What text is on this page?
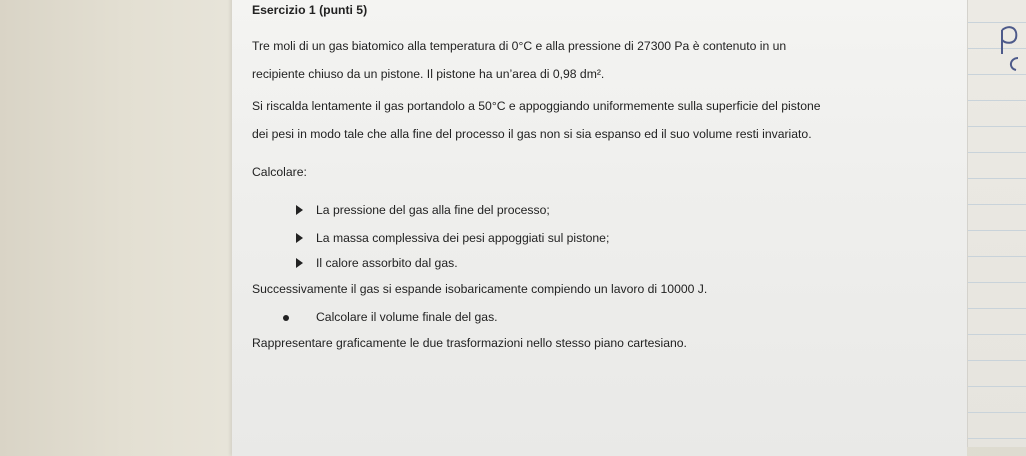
Esercizio 1 (punti 5)
Tre moli di un gas biatomico alla temperatura di 0°C e alla pressione di 27300 Pa è contenuto in un
recipiente chiuso da un pistone. Il pistone ha un’area di 0,98 dm².
Si riscalda lentamente il gas portandolo a 50°C e appoggiando uniformemente sulla superficie del pistone
dei pesi in modo tale che alla fine del processo il gas non si sia espanso ed il suo volume resti invariato.
Calcolare:
La pressione del gas alla fine del processo;
La massa complessiva dei pesi appoggiati sul pistone;
Il calore assorbito dal gas.
Successivamente il gas si espande isobaricamente compiendo un lavoro di 10000 J.
Calcolare il volume finale del gas.
Rappresentare graficamente le due trasformazioni nello stesso piano cartesiano.
